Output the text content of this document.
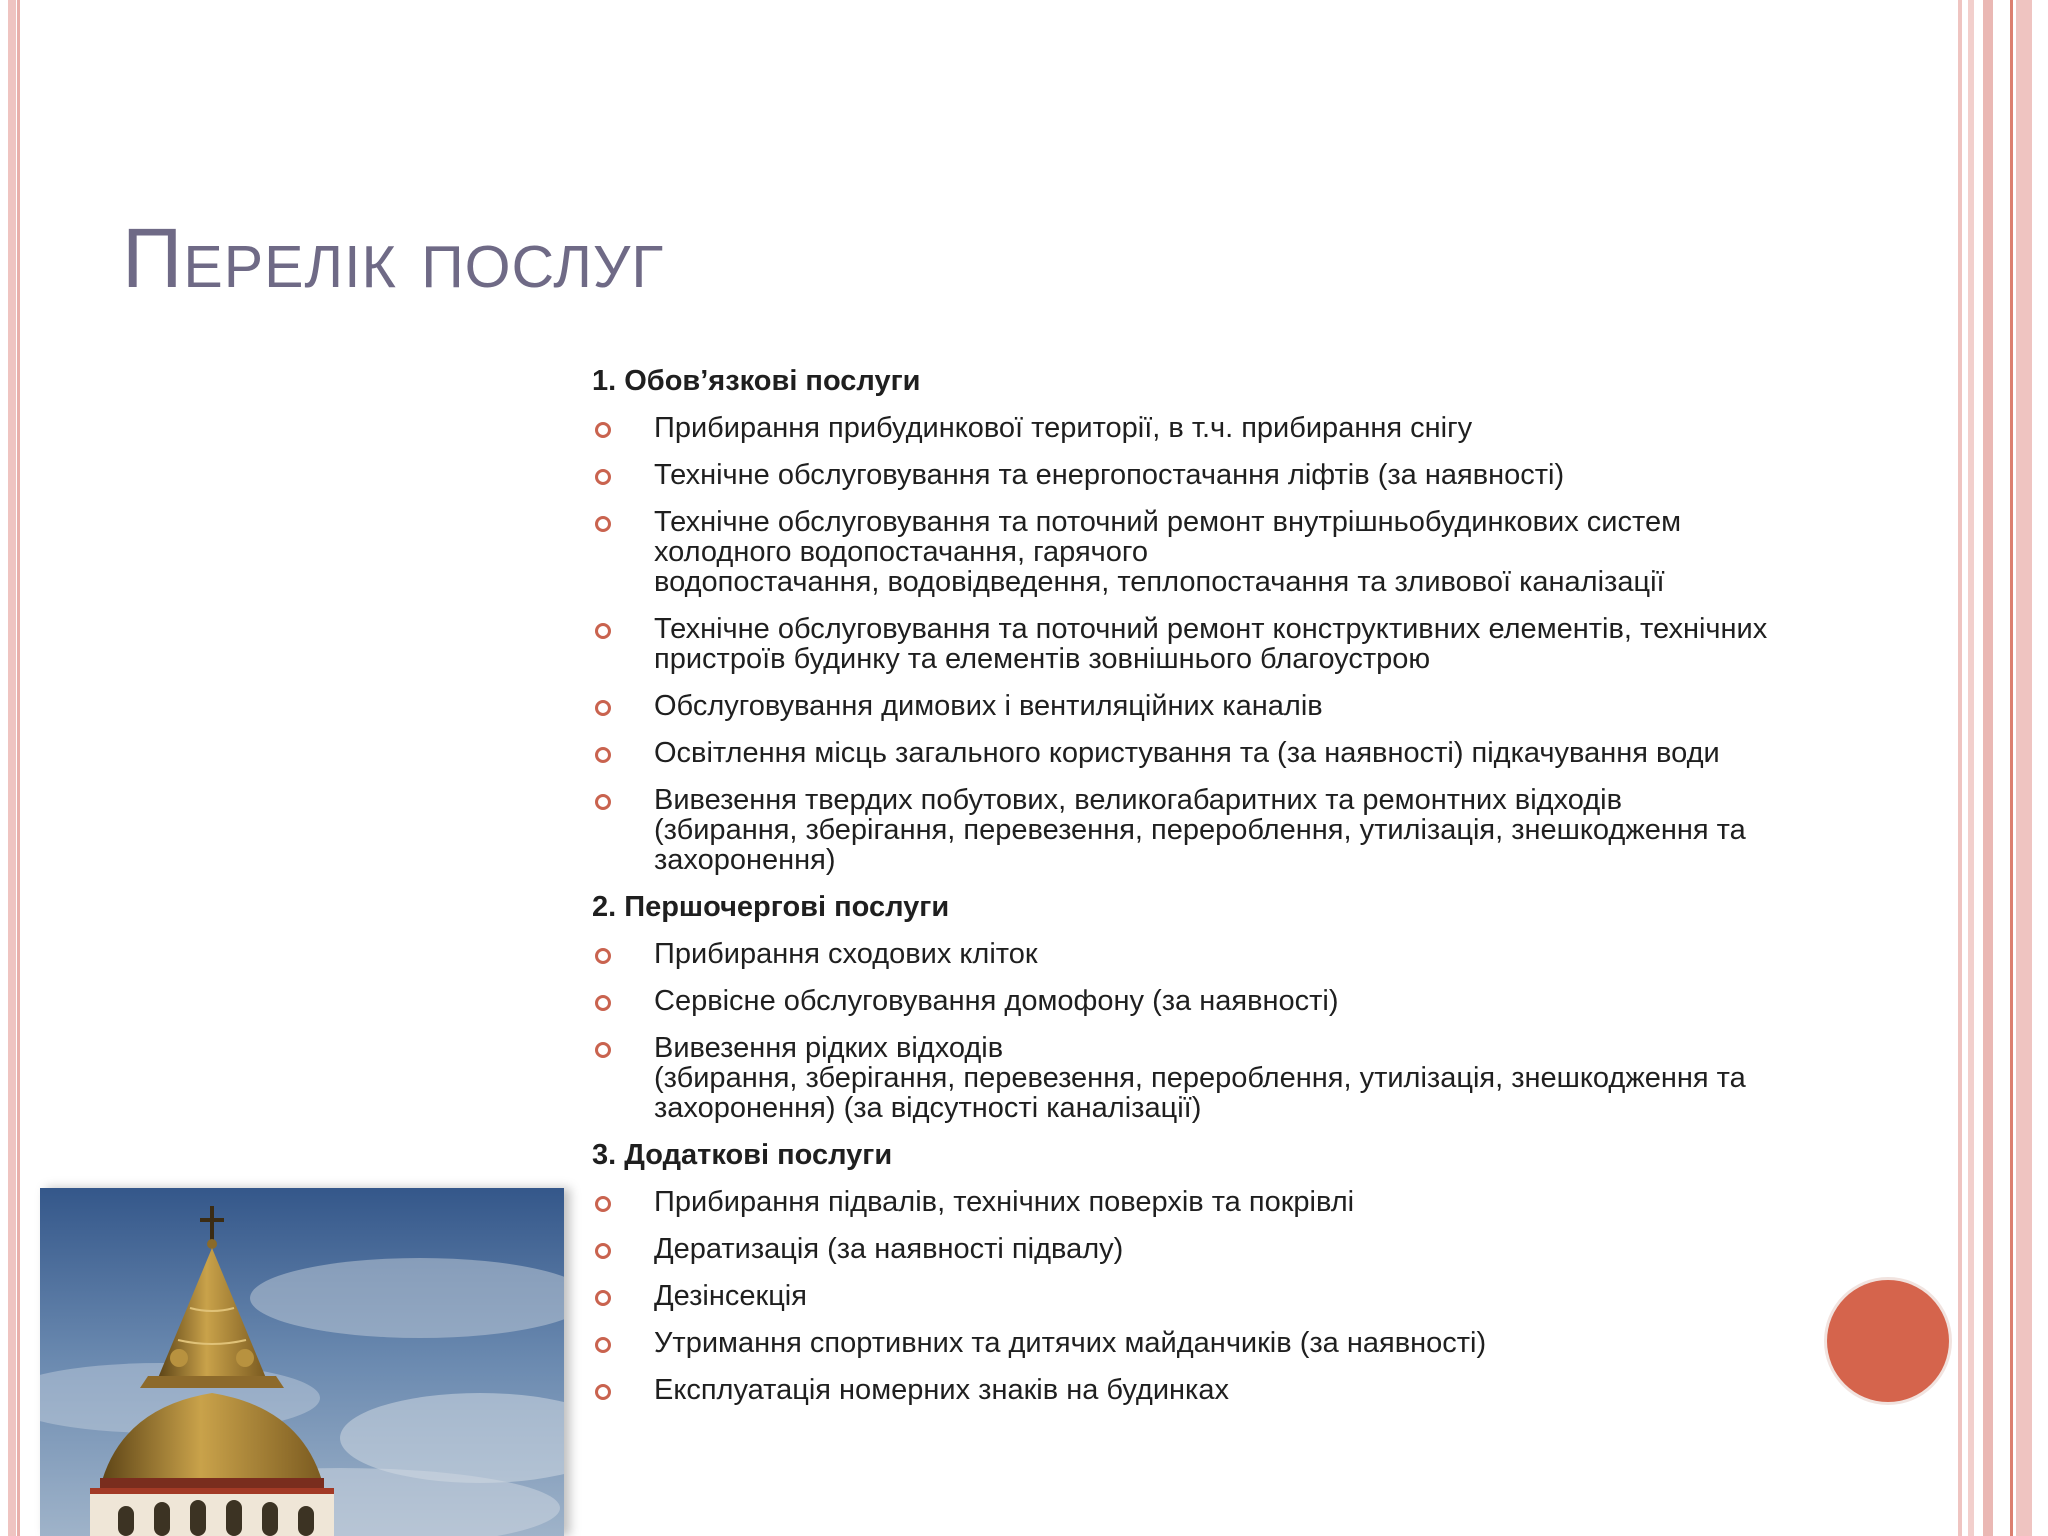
Перелік послуг
1. Обов’язкові послуги
Прибирання прибудинкової території, в т.ч. прибирання снігу
Технічне обслуговування та енергопостачання ліфтів (за наявності)
Технічне обслуговування та поточний ремонт внутрішньобудинкових систем
холодного водопостачання, гарячого
водопостачання, водовідведення, теплопостачання та зливової каналізації
Технічне обслуговування та поточний ремонт конструктивних елементів, технічних
пристроїв будинку та елементів зовнішнього благоустрою
Обслуговування димових і вентиляційних каналів
Освітлення місць загального користування та (за наявності) підкачування води
Вивезення твердих побутових, великогабаритних та ремонтних відходів
(збирання, зберігання, перевезення, перероблення, утилізація, знешкодження та
захоронення)
2. Першочергові послуги
Прибирання сходових кліток
Сервісне обслуговування домофону (за наявності)
Вивезення рідких відходів
(збирання, зберігання, перевезення, перероблення, утилізація, знешкодження та
захоронення) (за відсутності каналізації)
3. Додаткові послуги
Прибирання підвалів, технічних поверхів та покрівлі
Дератизація (за наявності підвалу)
Дезінсекція
Утримання спортивних та дитячих майданчиків (за наявності)
Експлуатація номерних знаків на будинках
